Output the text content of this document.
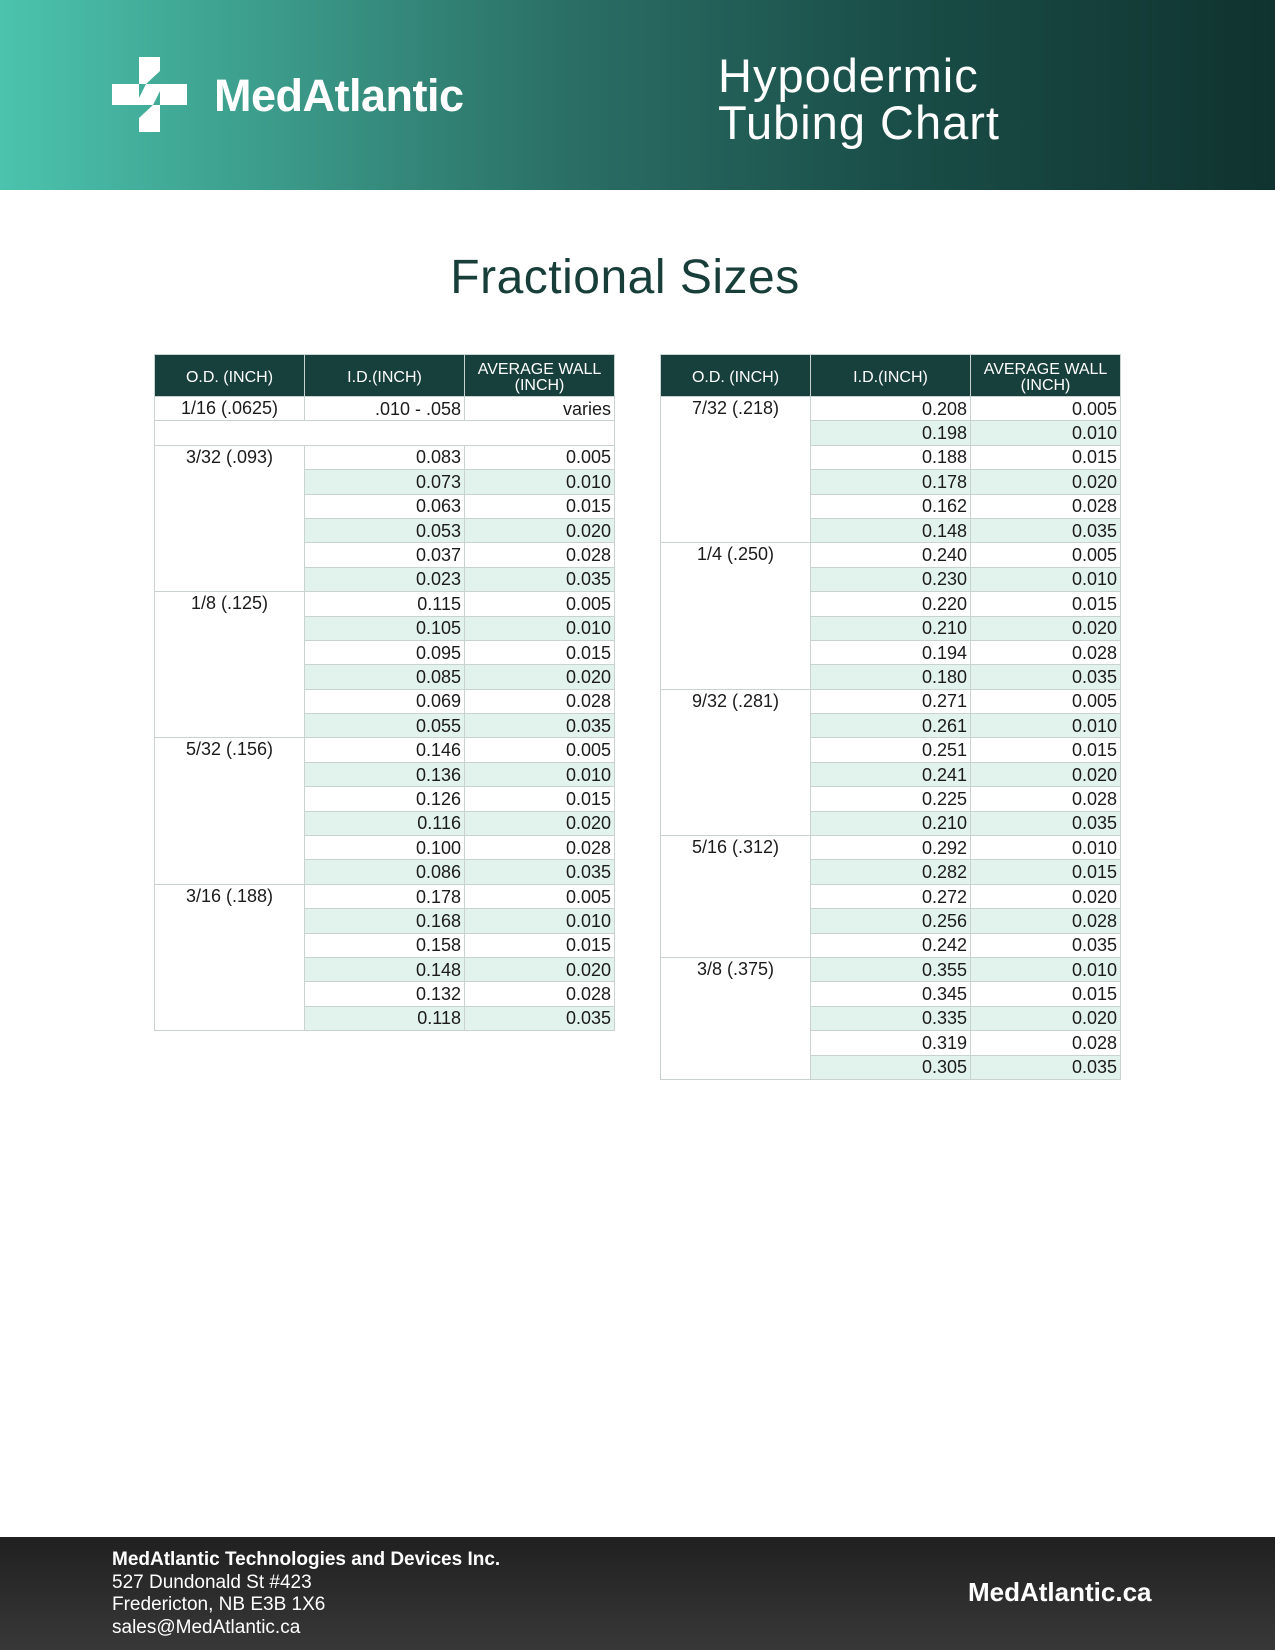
MedAtlantic	Hypodermic
Tubing Chart
Fractional Sizes
O.D. (INCH)	I.D.(INCH)	AVERAGE WALL
(INCH)
1/16 (.0625)	.010 - .058	varies

3/32 (.093)	0.083	0.005
	0.073	0.010
	0.063	0.015
	0.053	0.020
	0.037	0.028
	0.023	0.035
1/8 (.125)	0.115	0.005
	0.105	0.010
	0.095	0.015
	0.085	0.020
	0.069	0.028
	0.055	0.035
5/32 (.156)	0.146	0.005
	0.136	0.010
	0.126	0.015
	0.116	0.020
	0.100	0.028
	0.086	0.035
3/16 (.188)	0.178	0.005
	0.168	0.010
	0.158	0.015
	0.148	0.020
	0.132	0.028
	0.118	0.035
O.D. (INCH)	I.D.(INCH)	AVERAGE WALL
(INCH)
7/32 (.218)	0.208	0.005
	0.198	0.010
	0.188	0.015
	0.178	0.020
	0.162	0.028
	0.148	0.035
1/4 (.250)	0.240	0.005
	0.230	0.010
	0.220	0.015
	0.210	0.020
	0.194	0.028
	0.180	0.035
9/32 (.281)	0.271	0.005
	0.261	0.010
	0.251	0.015
	0.241	0.020
	0.225	0.028
	0.210	0.035
5/16 (.312)	0.292	0.010
	0.282	0.015
	0.272	0.020
	0.256	0.028
	0.242	0.035
3/8 (.375)	0.355	0.010
	0.345	0.015
	0.335	0.020
	0.319	0.028
	0.305	0.035
MedAtlantic Technologies and Devices Inc.
527 Dundonald St #423
Fredericton, NB E3B 1X6
sales@MedAtlantic.ca
MedAtlantic.ca
